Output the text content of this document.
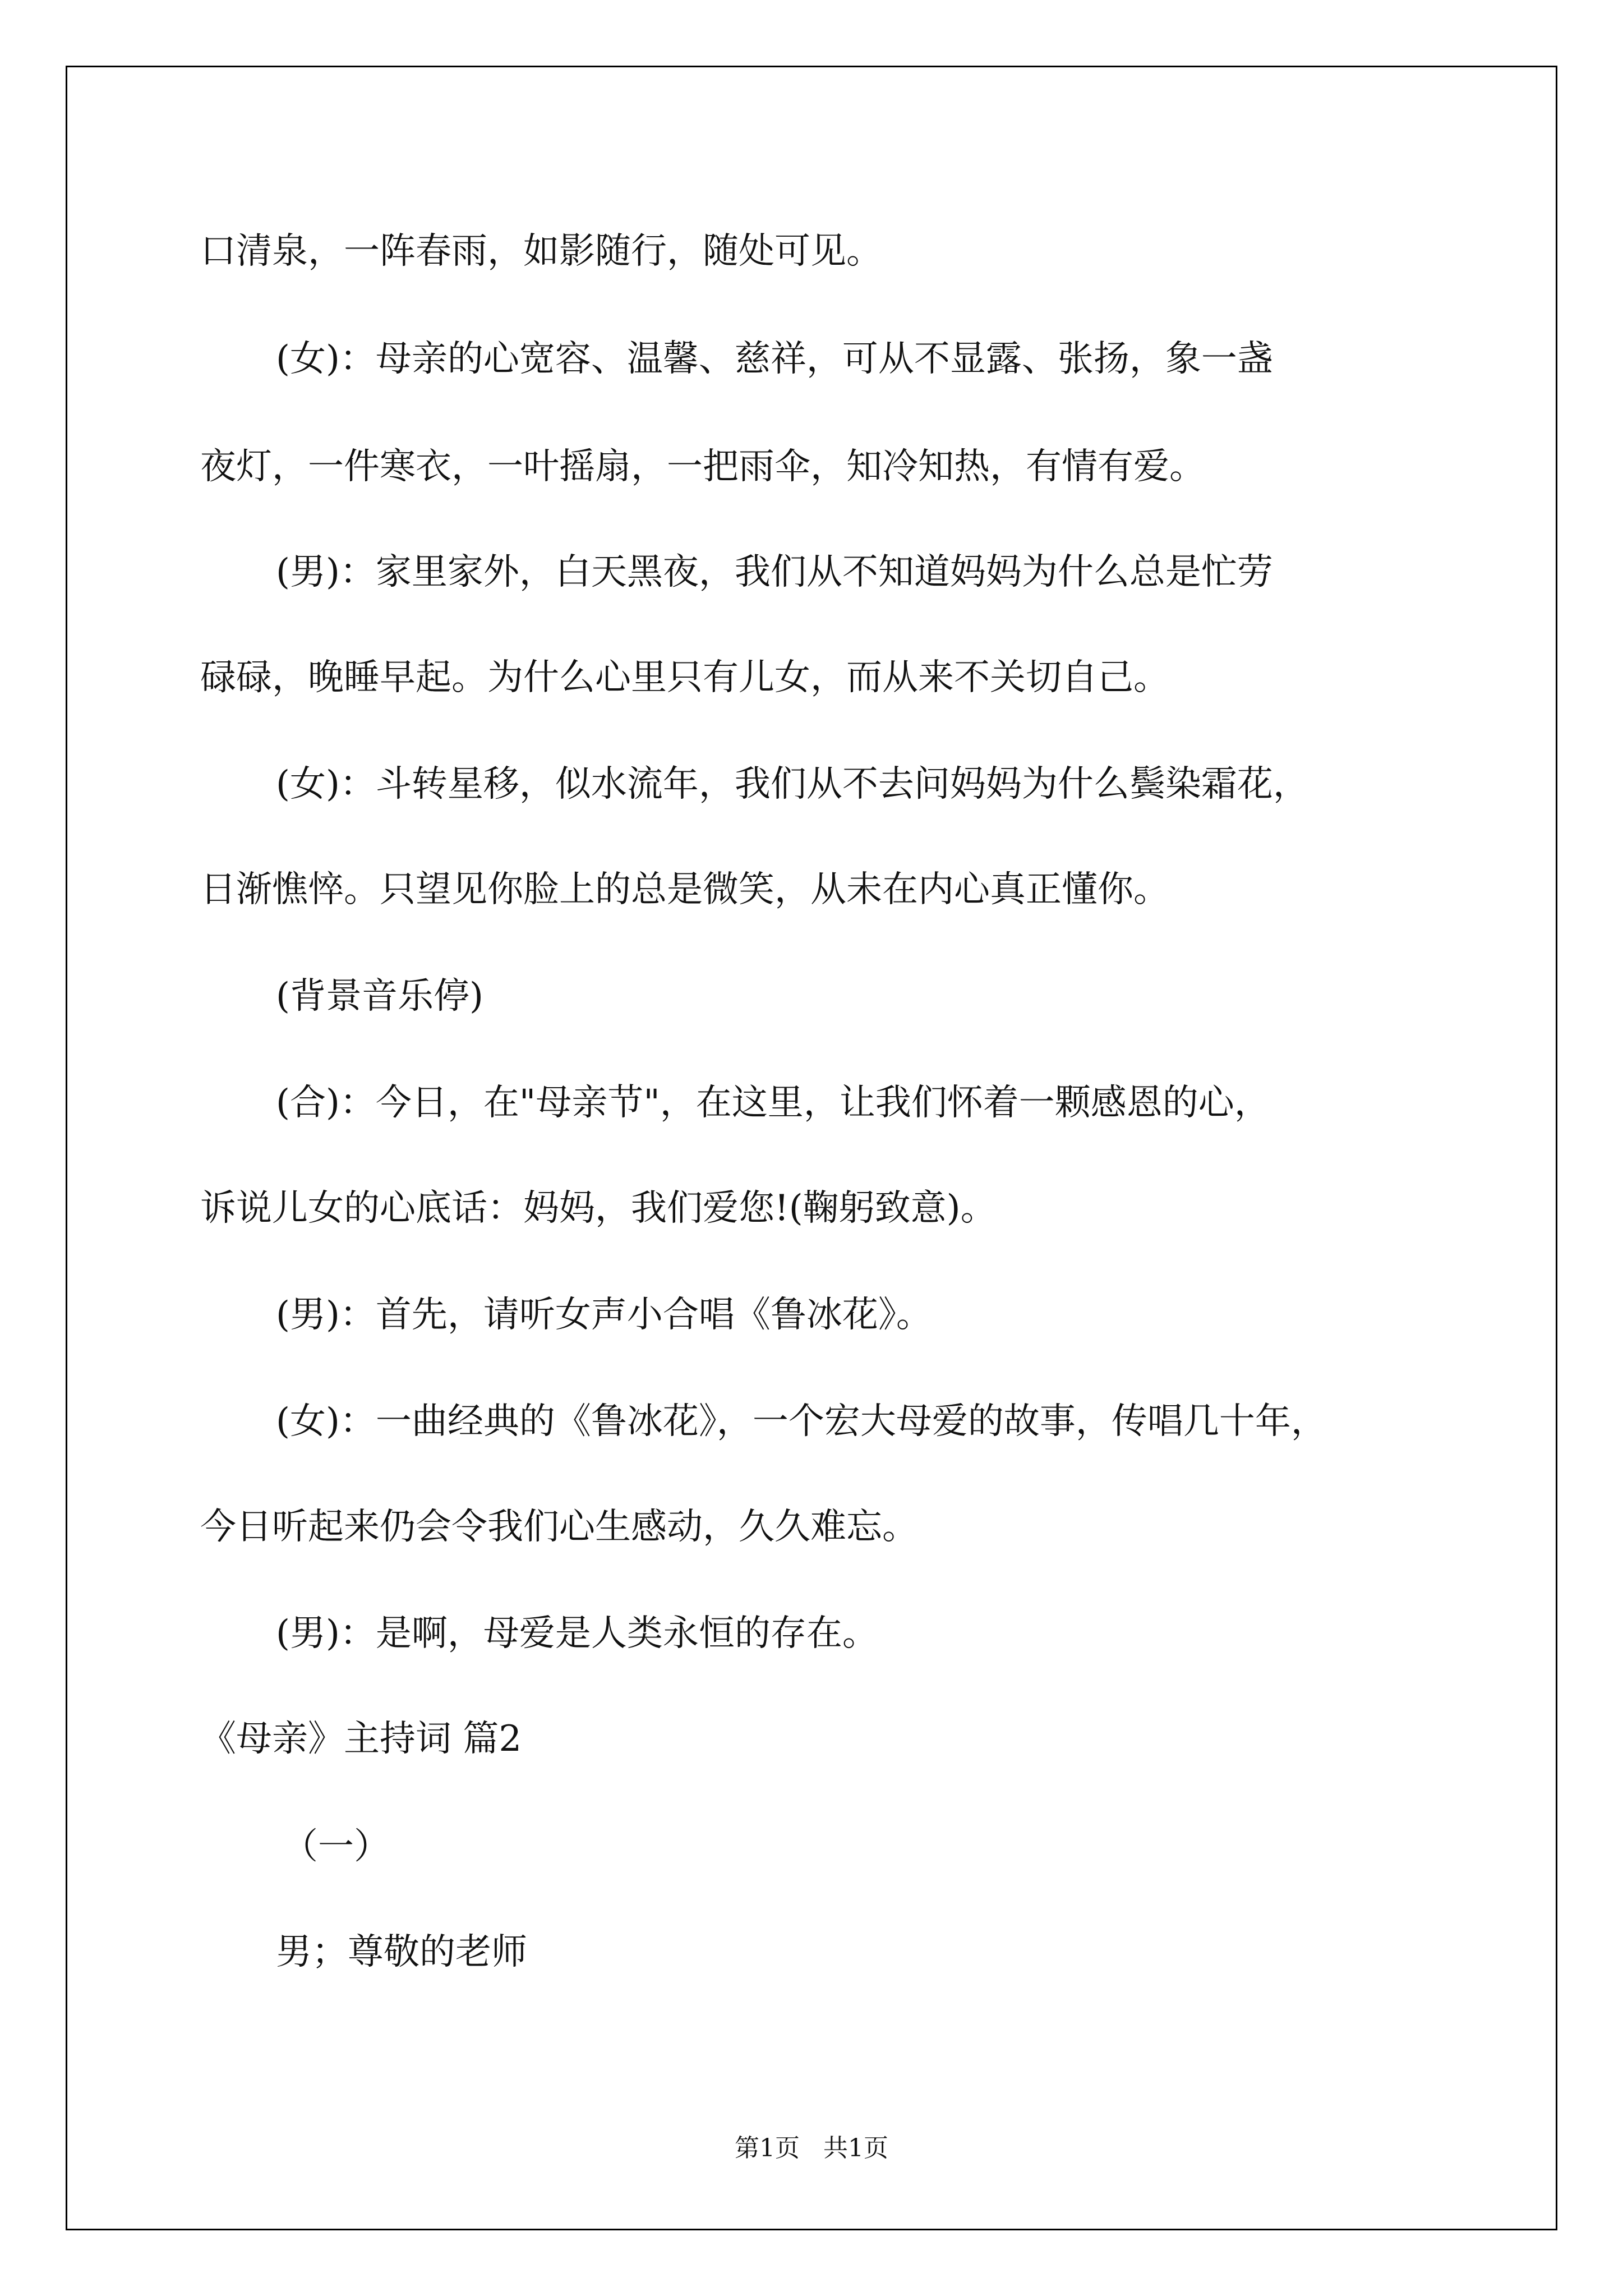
口清泉，一阵春雨，如影随行，随处可见。

(女)：母亲的心宽容、温馨、慈祥，可从不显露、张扬，象一盏

夜灯，一件寒衣，一叶摇扇，一把雨伞，知冷知热，有情有爱。

(男)：家里家外，白天黑夜，我们从不知道妈妈为什么总是忙劳

碌碌，晚睡早起。为什么心里只有儿女，而从来不关切自己。

(女)：斗转星移，似水流年，我们从不去问妈妈为什么鬓染霜花，

日渐憔悴。只望见你脸上的总是微笑，从未在内心真正懂你。

(背景音乐停)

(合)：今日，在"母亲节"，在这里，让我们怀着一颗感恩的心，

诉说儿女的心底话：妈妈，我们爱您!(鞠躬致意)。

(男)：首先，请听女声小合唱《鲁冰花》。

(女)：一曲经典的《鲁冰花》，一个宏大母爱的故事，传唱几十年，

今日听起来仍会令我们心生感动，久久难忘。

(男)：是啊，母爱是人类永恒的存在。

《母亲》主持词 篇2

（一）

男；尊敬的老师

第1页   共1页
